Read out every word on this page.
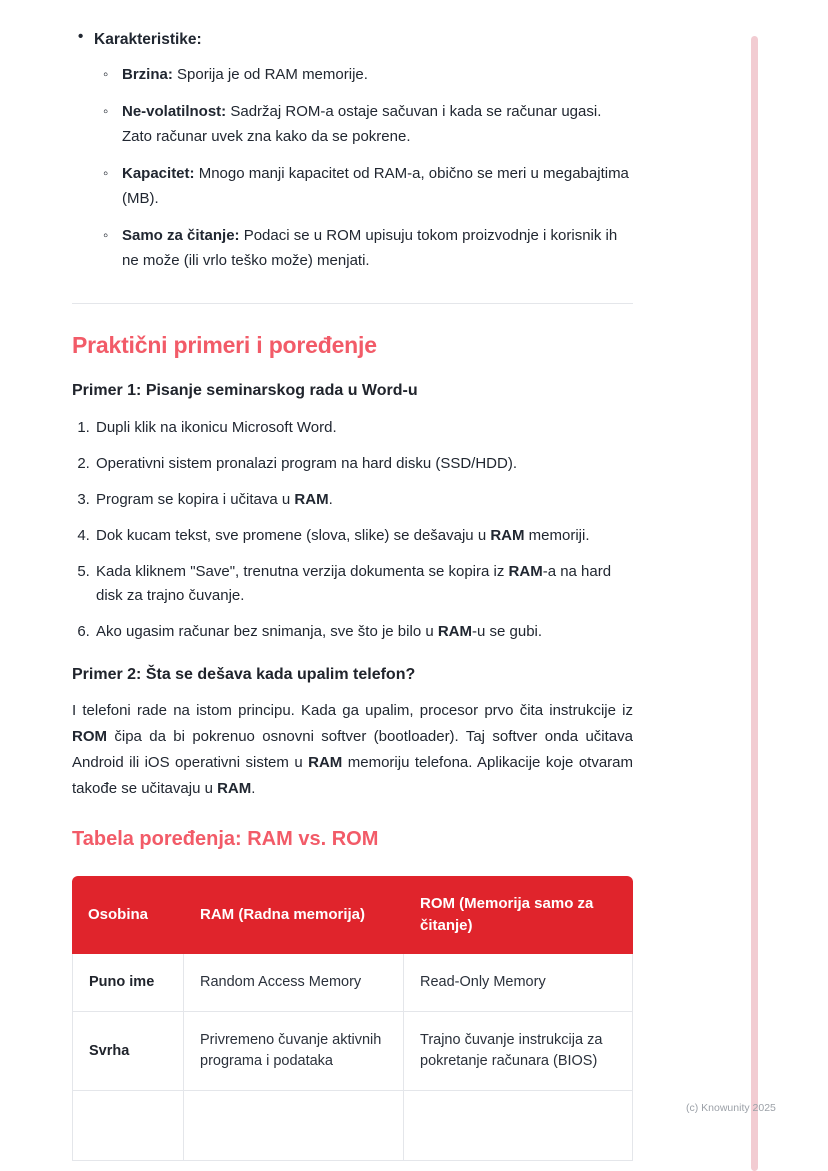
• Karakteristike:
◦ Brzina: Sporija je od RAM memorije.
◦ Ne-volatilnost: Sadržaj ROM-a ostaje sačuvan i kada se računar ugasi. Zato računar uvek zna kako da se pokrene.
◦ Kapacitet: Mnogo manji kapacitet od RAM-a, obično se meri u megabajtima (MB).
◦ Samo za čitanje: Podaci se u ROM upisuju tokom proizvodnje i korisnik ih ne može (ili vrlo teško može) menjati.
Praktični primeri i poređenje
Primer 1: Pisanje seminarskog rada u Word-u
1. Dupli klik na ikonicu Microsoft Word.
2. Operativni sistem pronalazi program na hard disku (SSD/HDD).
3. Program se kopira i učitava u RAM.
4. Dok kucam tekst, sve promene (slova, slike) se dešavaju u RAM memoriji.
5. Kada kliknem "Save", trenutna verzija dokumenta se kopira iz RAM-a na hard disk za trajno čuvanje.
6. Ako ugasim računar bez snimanja, sve što je bilo u RAM-u se gubi.
Primer 2: Šta se dešava kada upalim telefon?

I telefoni rade na istom principu. Kada ga upalim, procesor prvo čita instrukcije iz ROM čipa da bi pokrenuo osnovni softver (bootloader). Taj softver onda učitava Android ili iOS operativni sistem u RAM memoriju telefona. Aplikacije koje otvaram takođe se učitavaju u RAM.

Tabela poređenja: RAM vs. ROM
Osobina	RAM (Radna memorija)	ROM (Memorija samo za čitanje)
Puno ime	Random Access Memory	Read-Only Memory
Svrha	Privremeno čuvanje aktivnih programa i podataka	Trajno čuvanje instrukcija za pokretanje računara (BIOS)

(c) Knowunity 2025
